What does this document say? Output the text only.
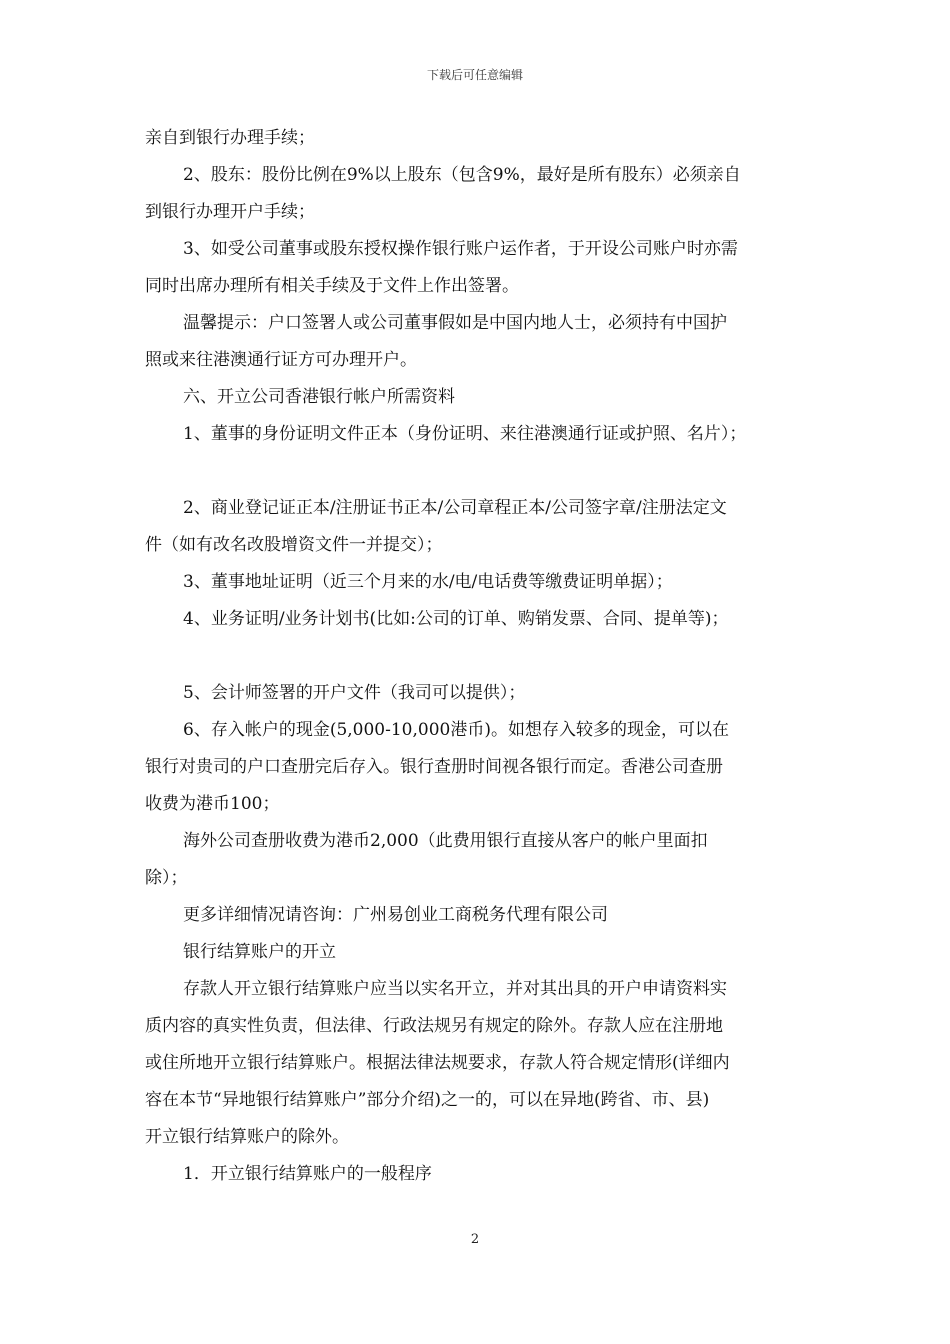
下载后可任意编辑
亲自到银行办理手续；
2、股东：股份比例在9%以上股东（包含9%，最好是所有股东）必须亲自
到银行办理开户手续；
3、如受公司董事或股东授权操作银行账户运作者，于开设公司账户时亦需
同时出席办理所有相关手续及于文件上作出签署。
温馨提示：户口签署人或公司董事假如是中国内地人士，必须持有中国护
照或来往港澳通行证方可办理开户。
六、开立公司香港银行帐户所需资料
1、董事的身份证明文件正本（身份证明、来往港澳通行证或护照、名片）；
2、商业登记证正本/注册证书正本/公司章程正本/公司签字章/注册法定文
件（如有改名改股增资文件一并提交）；
3、董事地址证明（近三个月来的水/电/电话费等缴费证明单据）；
4、业务证明/业务计划书(比如:公司的订单、购销发票、合同、提单等)；
5、会计师签署的开户文件（我司可以提供）；
6、存入帐户的现金(5,000-10,000港币)。如想存入较多的现金，可以在
银行对贵司的户口查册完后存入。银行查册时间视各银行而定。香港公司查册
收费为港币100；
海外公司查册收费为港币2,000（此费用银行直接从客户的帐户里面扣
除）；
更多详细情况请咨询：广州易创业工商税务代理有限公司
银行结算账户的开立
存款人开立银行结算账户应当以实名开立，并对其出具的开户申请资料实
质内容的真实性负责，但法律、行政法规另有规定的除外。存款人应在注册地
或住所地开立银行结算账户。根据法律法规要求，存款人符合规定情形(详细内
容在本节“异地银行结算账户”部分介绍)之一的，可以在异地(跨省、市、县)
开立银行结算账户的除外。
1．开立银行结算账户的一般程序
2
